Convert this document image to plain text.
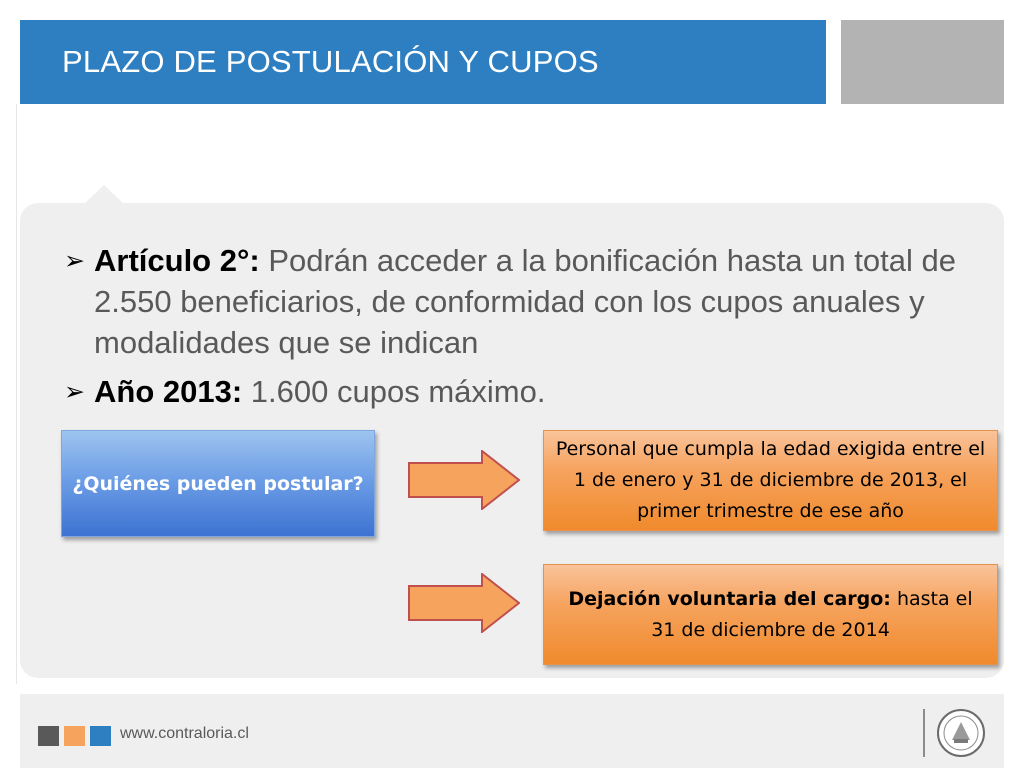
PLAZO DE POSTULACIÓN Y CUPOS
➢ Artículo 2°: Podrán acceder a la bonificación hasta un total de 2.550 beneficiarios, de conformidad con los cupos anuales y modalidades que se indican
➢ Año 2013: 1.600 cupos máximo.
¿Quiénes pueden postular?
Personal que cumpla la edad exigida entre el 1 de enero y 31 de diciembre de 2013, el primer trimestre de ese año
Dejación voluntaria del cargo: hasta el 31 de diciembre de 2014
www.contraloria.cl
